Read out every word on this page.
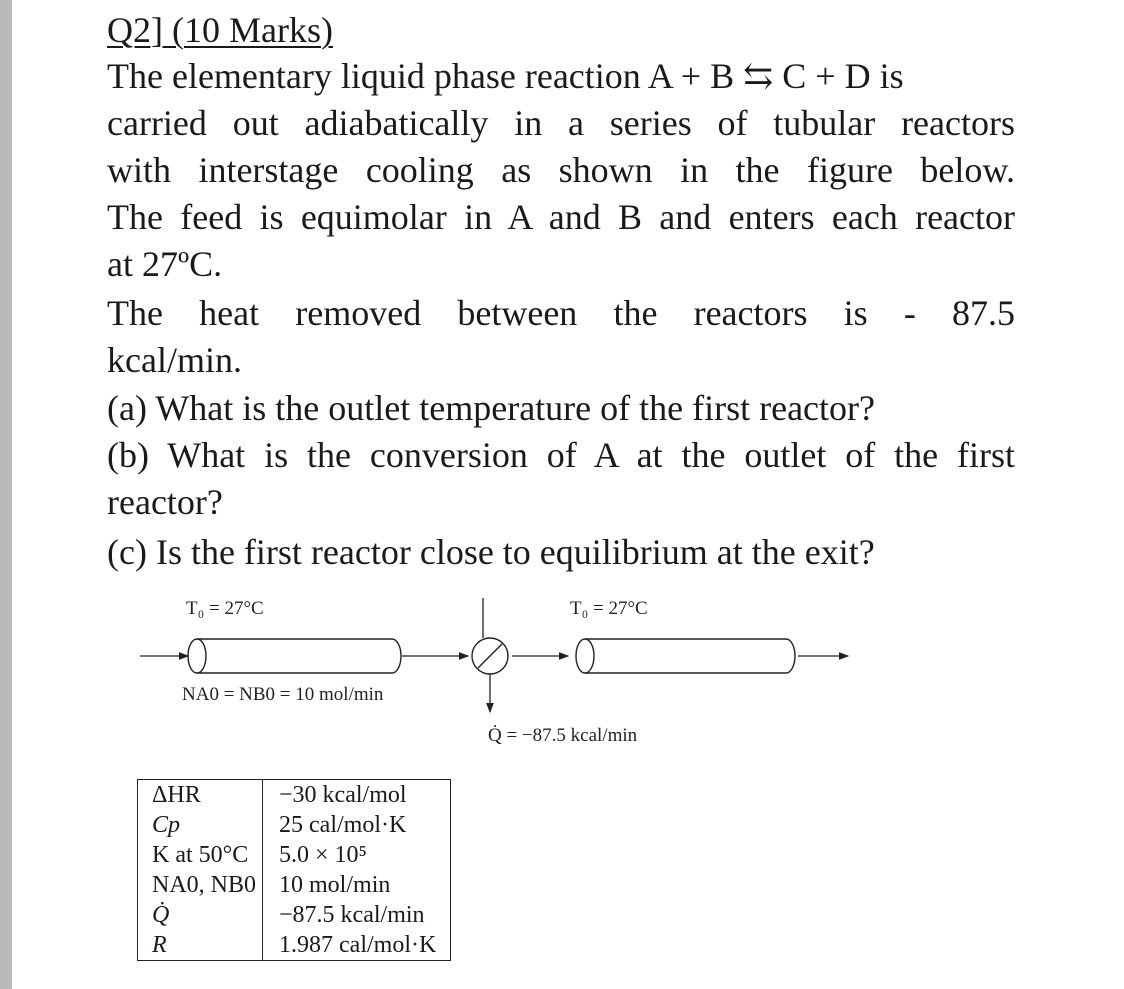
Q2] (10 Marks)
The elementary liquid phase reaction A + B ⇆ C + D is
carried out adiabatically in a series of tubular reactors
with interstage cooling as shown in the figure below.
The feed is equimolar in A and B and enters each reactor
at 27ºC.
The heat removed between the reactors is - 87.5
kcal/min.
(a) What is the outlet temperature of the first reactor?
(b) What is the conversion of A at the outlet of the first
reactor?
(c) Is the first reactor close to equilibrium at the exit?
T₀ = 27°C	T₀ = 27°C
NA0 = NB0 = 10 mol/min
Q̇ = −87.5 kcal/min
ΔHR	−30 kcal/mol
Cp	25 cal/mol·K
K at 50°C	5.0 × 10⁵
NA0, NB0	10 mol/min
Q̇	−87.5 kcal/min
R	1.987 cal/mol·K
